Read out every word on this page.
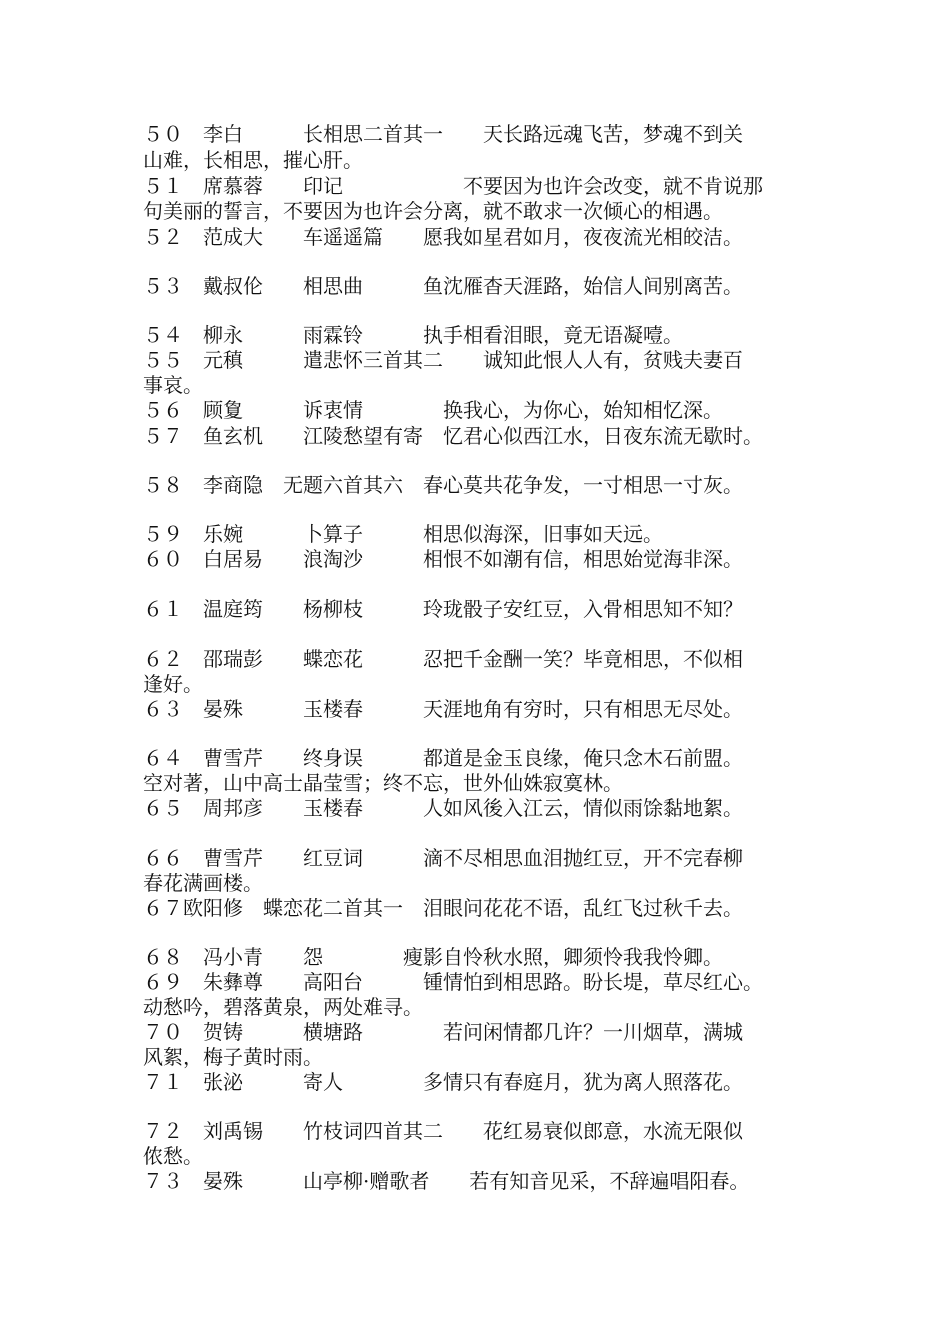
５０　李白　　　长相思二首其一　　天长路远魂飞苦，梦魂不到关
山难，长相思，摧心肝。
５１　席慕蓉　　印记　　　　　　不要因为也许会改变，就不肯说那
句美丽的誓言，不要因为也许会分离，就不敢求一次倾心的相遇。
５２　范成大　　车遥遥篇　　愿我如星君如月，夜夜流光相皎洁。
５３　戴叔伦　　相思曲　　　鱼沈雁杳天涯路，始信人间别离苦。
５４　柳永　　　雨霖铃　　　执手相看泪眼，竟无语凝噎。
５５　元稹　　　遣悲怀三首其二　　诚知此恨人人有，贫贱夫妻百
事哀。
５６　顾夐　　　诉衷情　　　　换我心，为你心，始知相忆深。
５７　鱼玄机　　江陵愁望有寄　忆君心似西江水，日夜东流无歇时。
５８　李商隐　无题六首其六　春心莫共花争发，一寸相思一寸灰。
５９　乐婉　　　卜算子　　　相思似海深，旧事如天远。
６０　白居易　　浪淘沙　　　相恨不如潮有信，相思始觉海非深。
６１　温庭筠　　杨柳枝　　　玲珑骰子安红豆，入骨相思知不知？
６２　邵瑞彭　　蝶恋花　　　忍把千金酬一笑？毕竟相思，不似相
逢好。
６３　晏殊　　　玉楼春　　　天涯地角有穷时，只有相思无尽处。
６４　曹雪芹　　终身误　　　都道是金玉良缘，俺只念木石前盟。
空对著，山中高士晶莹雪；终不忘，世外仙姝寂寞林。
６５　周邦彦　　玉楼春　　　人如风後入江云，情似雨馀黏地絮。
６６　曹雪芹　　红豆词　　　滴不尽相思血泪抛红豆，开不完春柳
春花满画楼。
６７欧阳修　蝶恋花二首其一　泪眼问花花不语，乱红飞过秋千去。
６８　冯小青　　怨　　　　瘦影自怜秋水照，卿须怜我我怜卿。
６９　朱彝尊　　高阳台　　　锺情怕到相思路。盼长堤，草尽红心。
动愁吟，碧落黄泉，两处难寻。
７０　贺铸　　　横塘路　　　　若问闲情都几许？一川烟草，满城
风絮，梅子黄时雨。
７１　张泌　　　寄人　　　　多情只有春庭月，犹为离人照落花。
７２　刘禹锡　　竹枝词四首其二　　花红易衰似郎意，水流无限似
侬愁。
７３　晏殊　　　山亭柳·赠歌者　　若有知音见采，不辞遍唱阳春。
